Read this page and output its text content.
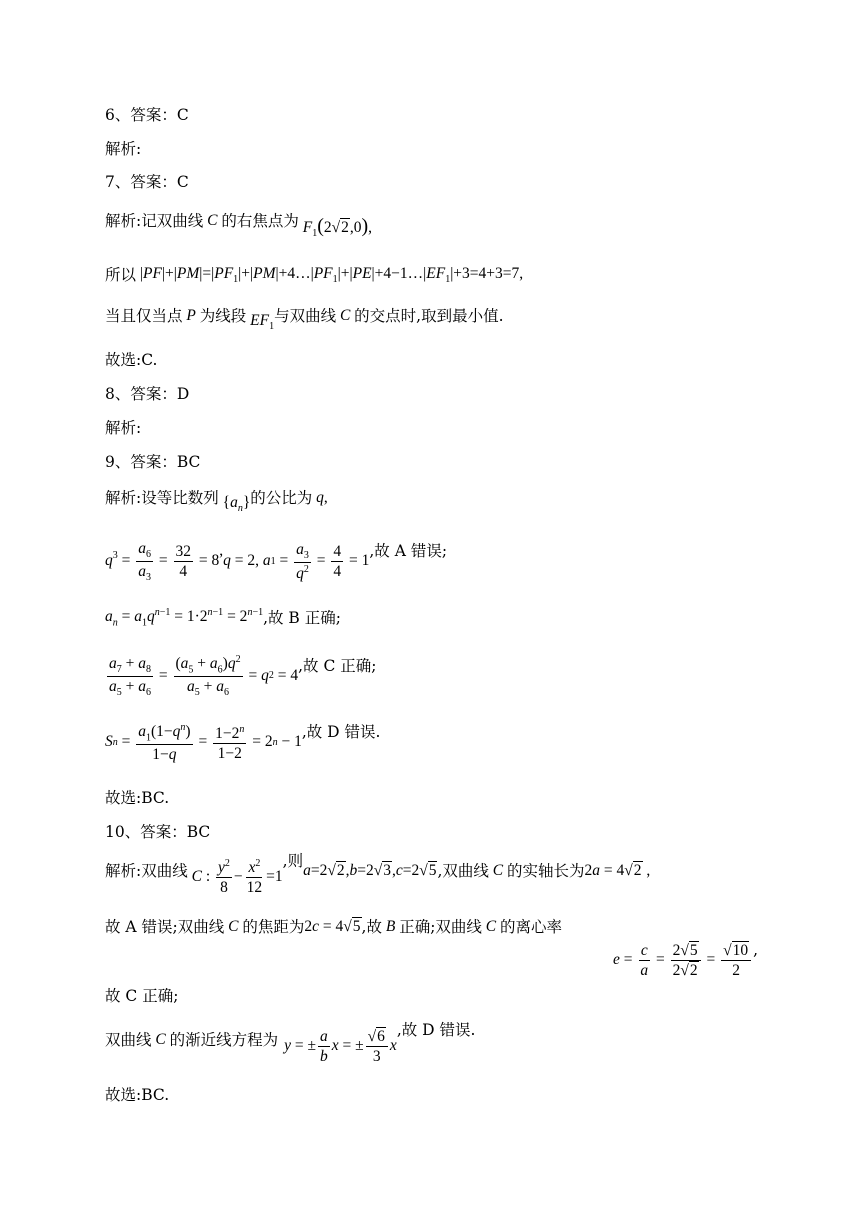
6、答案：C
解析:
7、答案：C
解析:记双曲线 C 的右焦点为 $F_1(2√2,0)$,
所以 $|PF|+|PM|=|PF_1|+|PM|+4\dots|PF_1|+|PE|+4-1\dots|EF_1|+3=4+3=7$,
当且仅当点 P 为线段 $EF_1$
与双曲线 C 的交点时,取到最小值.
故选:C.
8、答案：D
解析:
9、答案：BC
解析:设等比数列 $\{a_n\}$ 的公比为 q,
$q^3 = \frac{a_6}{a_3} = \frac{32}{4} = 8$
,
q = 2, a $1 = \frac{a_3}{q^2} = \frac{4}{4} = 1$
,故 A 错误;
$a_n = a_1q^{n-1} = 1\cdot 2^{n-1} = 2^{n-1}$ ,故 B 正确;
$\frac{a_7 + a_8}{a_5 + a_6} = \frac{(a_5 + a_6)q^2}{a_5 + a_6} = q$ 2 = 4
,故 C 正确;
S $n = \frac{a_1(1-q^n)}{1-q} = \frac{1-2^n}{1-2} = 2$ n − 1
,故 D 错误.
故选:BC.
10、答案：BC
解析:双曲线
C : $\frac{y^2}{8} - \frac{x^2}{12} =1$
,则
a=2√2,b=2√3,c=2√5 ,双曲线 C 的实轴长为 2a = 4√2 ,
故 A 错误;双曲线 C 的焦距为 2c = 4√5 ,故 B 正确;双曲线 C 的离心率
$e = \frac{c}{a} = \frac{2√5}{2√2} = \frac{√10}{2}$ ,
故 C 正确;
双曲线 C 的渐近线方程为 y = ± $\frac{a}{b}$ x = ± $\frac{√6}{3}$ x
,故 D 错误.
故选:BC.
